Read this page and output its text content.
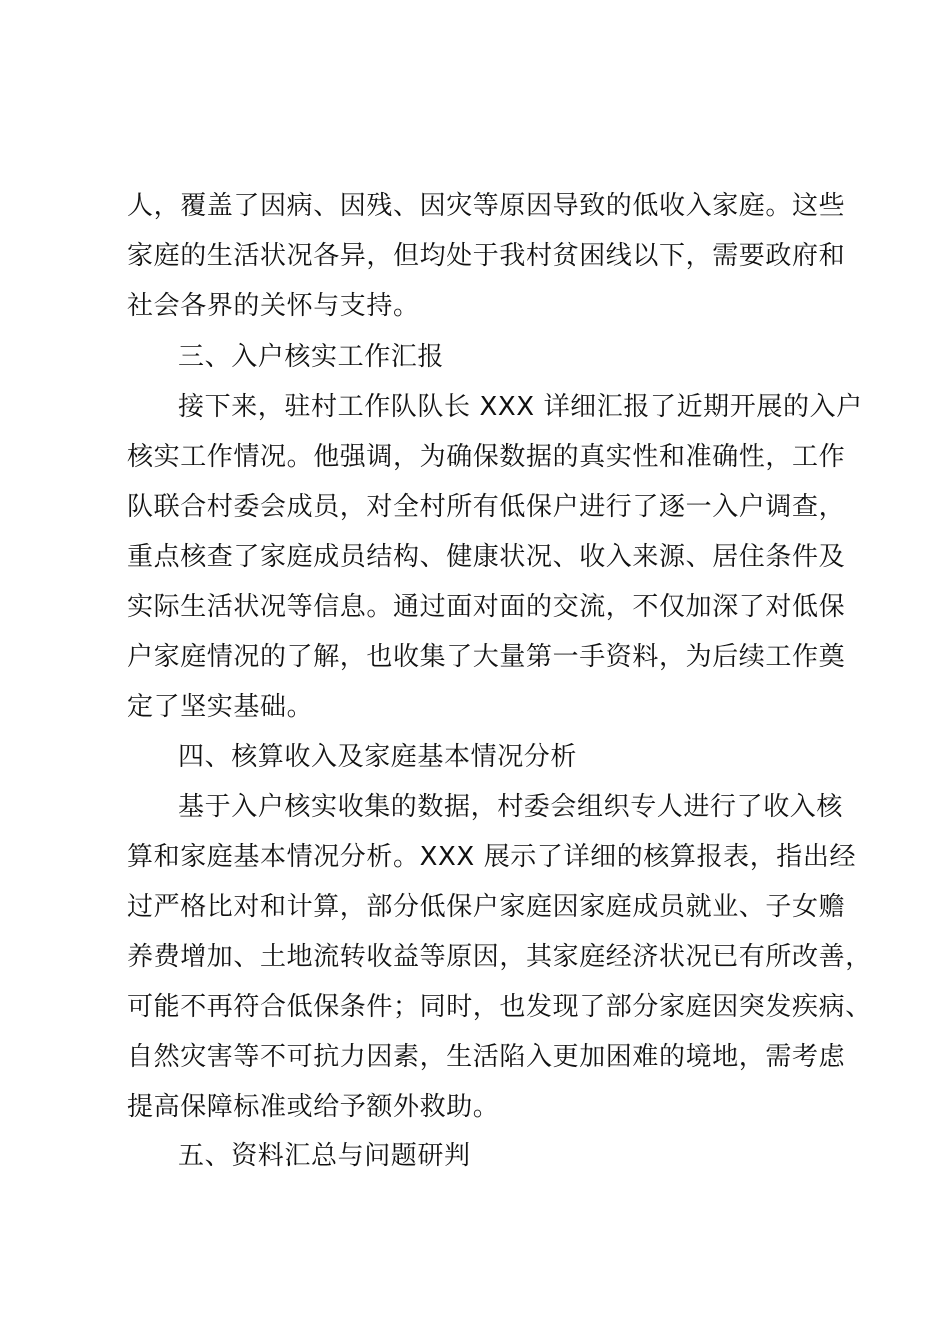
人，覆盖了因病、因残、因灾等原因导致的低收入家庭。这些
家庭的生活状况各异，但均处于我村贫困线以下，需要政府和
社会各界的关怀与支持。
三、入户核实工作汇报
接下来，驻村工作队队长 XXX 详细汇报了近期开展的入户
核实工作情况。他强调，为确保数据的真实性和准确性，工作
队联合村委会成员，对全村所有低保户进行了逐一入户调查，
重点核查了家庭成员结构、健康状况、收入来源、居住条件及
实际生活状况等信息。通过面对面的交流，不仅加深了对低保
户家庭情况的了解，也收集了大量第一手资料，为后续工作奠
定了坚实基础。
四、核算收入及家庭基本情况分析
基于入户核实收集的数据，村委会组织专人进行了收入核
算和家庭基本情况分析。XXX 展示了详细的核算报表，指出经
过严格比对和计算，部分低保户家庭因家庭成员就业、子女赡
养费增加、土地流转收益等原因，其家庭经济状况已有所改善，
可能不再符合低保条件；同时，也发现了部分家庭因突发疾病、
自然灾害等不可抗力因素，生活陷入更加困难的境地，需考虑
提高保障标准或给予额外救助。
五、资料汇总与问题研判
